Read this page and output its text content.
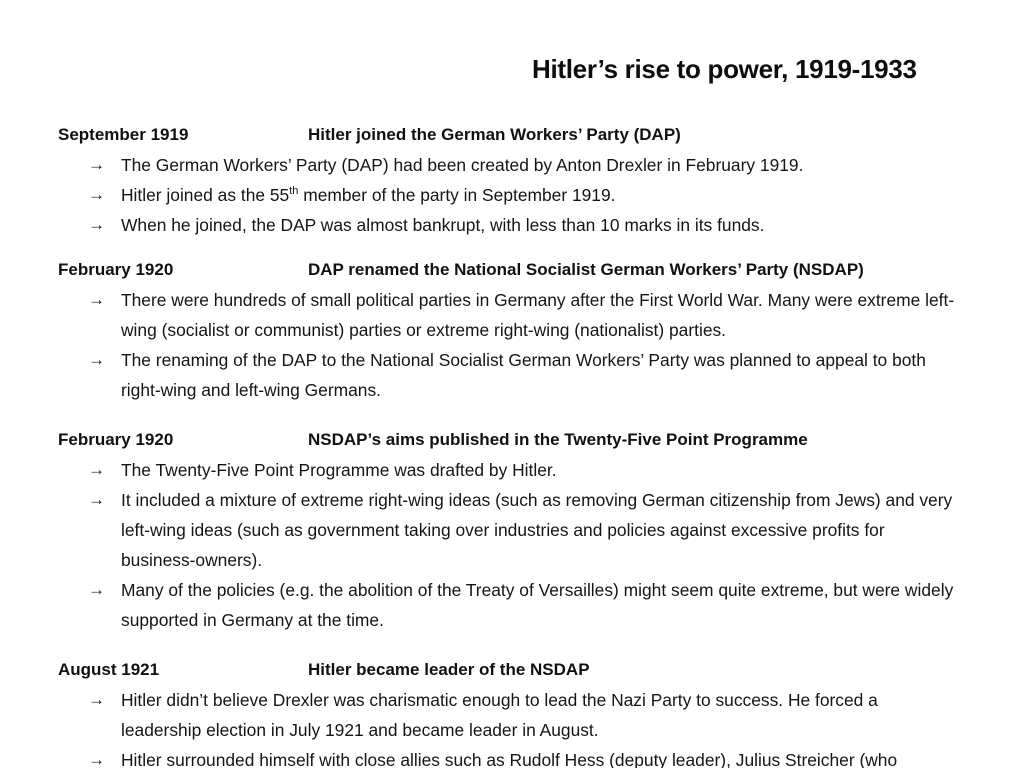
Hitler’s rise to power, 1919-1933
September 1919	Hitler joined the German Workers’ Party (DAP)
→ The German Workers’ Party (DAP) had been created by Anton Drexler in February 1919.
→ Hitler joined as the 55th member of the party in September 1919.
→ When he joined, the DAP was almost bankrupt, with less than 10 marks in its funds.
February 1920	DAP renamed the National Socialist German Workers’ Party (NSDAP)
→ There were hundreds of small political parties in Germany after the First World War. Many were extreme left-wing (socialist or communist) parties or extreme right-wing (nationalist) parties.
→ The renaming of the DAP to the National Socialist German Workers’ Party was planned to appeal to both right-wing and left-wing Germans.
February 1920	NSDAP’s aims published in the Twenty-Five Point Programme
→ The Twenty-Five Point Programme was drafted by Hitler.
→ It included a mixture of extreme right-wing ideas (such as removing German citizenship from Jews) and very left-wing ideas (such as government taking over industries and policies against excessive profits for business-owners).
→ Many of the policies (e.g. the abolition of the Treaty of Versailles) might seem quite extreme, but were widely supported in Germany at the time.
August 1921	Hitler became leader of the NSDAP
→ Hitler didn’t believe Drexler was charismatic enough to lead the Nazi Party to success. He forced a leadership election in July 1921 and became leader in August.
→ Hitler surrounded himself with close allies such as Rudolf Hess (deputy leader), Julius Streicher (who
